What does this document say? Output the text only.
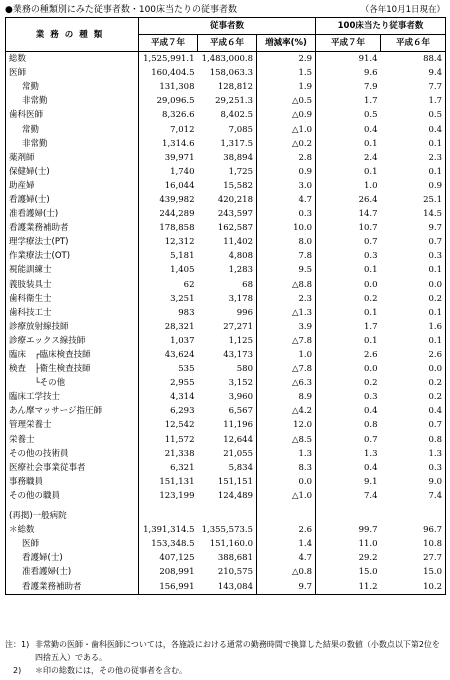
●業務の種類別にみた従事者数・100床当たりの従事者数	（各年10月1日現在）
業務の種類	従事者数			100床当たり従事者数	
	平成７年	平成６年	増減率(%)	平成７年	平成６年
総数	1,525,991.1	1,483,000.8	2.9	91.4	88.4
医師	160,404.5	158,063.3	1.5	9.6	9.4
常勤	131,308	128,812	1.9	7.9	7.7
非常勤	29,096.5	29,251.3	△0.5	1.7	1.7
歯科医師	8,326.6	8,402.5	△0.9	0.5	0.5
常勤	7,012	7,085	△1.0	0.4	0.4
非常勤	1,314.6	1,317.5	△0.2	0.1	0.1
薬剤師	39,971	38,894	2.8	2.4	2.3
保健婦(士)	1,740	1,725	0.9	0.1	0.1
助産婦	16,044	15,582	3.0	1.0	0.9
看護婦(士)	439,982	420,218	4.7	26.4	25.1
准看護婦(士)	244,289	243,597	0.3	14.7	14.5
看護業務補助者	178,858	162,587	10.0	10.7	9.7
理学療法士(PT)	12,312	11,402	8.0	0.7	0.7
作業療法士(OT)	5,181	4,808	7.8	0.3	0.3
視能訓練士	1,405	1,283	9.5	0.1	0.1
義肢装具士	62	68	△8.8	0.0	0.0
歯科衛生士	3,251	3,178	2.3	0.2	0.2
歯科技工士	983	996	△1.3	0.1	0.1
診療放射線技師	28,321	27,271	3.9	1.7	1.6
診療エックス線技師	1,037	1,125	△7.8	0.1	0.1
臨床　┌臨床検査技師	43,624	43,173	1.0	2.6	2.6
検査　├衛生検査技師	535	580	△7.8	0.0	0.0
　　　└その他	2,955	3,152	△6.3	0.2	0.2
臨床工学技士	4,314	3,960	8.9	0.3	0.2
あん摩マッサージ指圧師	6,293	6,567	△4.2	0.4	0.4
管理栄養士	12,542	11,196	12.0	0.8	0.7
栄養士	11,572	12,644	△8.5	0.7	0.8
その他の技術員	21,338	21,055	1.3	1.3	1.3
医療社会事業従事者	6,321	5,834	8.3	0.4	0.3
事務職員	151,131	151,151	0.0	9.1	9.0
その他の職員	123,199	124,489	△1.0	7.4	7.4

(再掲)一般病院					
＊総数	1,391,314.5	1,355,573.5	2.6	99.7	96.7
医師	153,348.5	151,160.0	1.4	11.0	10.8
看護婦(士)	407,125	388,681	4.7	29.2	27.7
准看護婦(士)	208,991	210,575	△0.8	15.0	15.0
看護業務補助者	156,991	143,084	9.7	11.2	10.2
注：1) 非常勤の医師・歯科医師については，各施設における通常の勤務時間で換算した結果の数値（小数点以下第2位を四捨五入）である。
2) ＊印の総数には，その他の従事者を含む。
